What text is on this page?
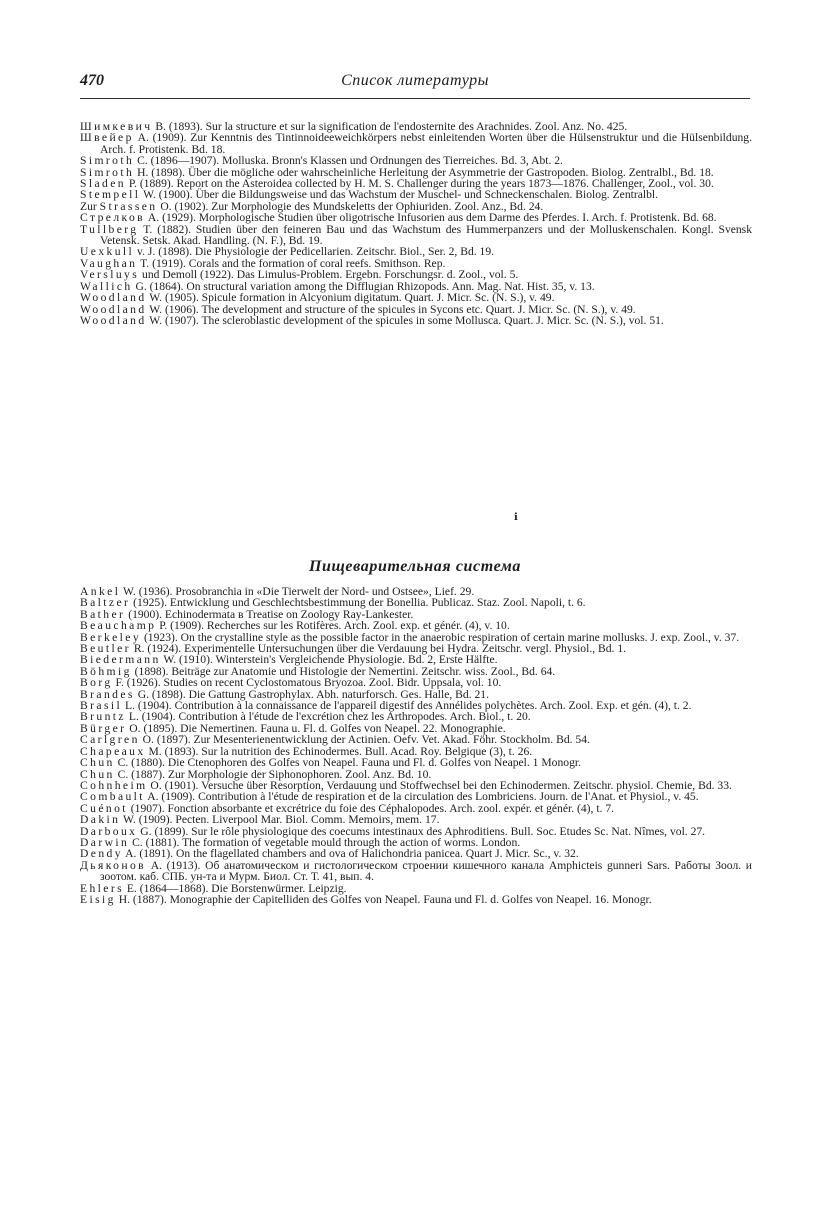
470	Список литературы

Шимкевич В. (1893). Sur la structure et sur la signification de l'endosternite des Arachnides. Zool. Anz. No. 425.

Швейер А. (1909). Zur Kenntnis des Tintinnoideeweichkörpers nebst einleitenden Worten über die Hülsenstruktur und die Hülsenbildung. Arch. f. Protistenk. Bd. 18.

Simroth C. (1896—1907). Molluska. Bronn's Klassen und Ordnungen des Tierreiches. Bd. 3, Abt. 2.

Simroth H. (1898). Über die mögliche oder wahrscheinliche Herleitung der Asymmetrie der Gastropoden. Biolog. Zentralbl., Bd. 18.

Sladen P. (1889). Report on the Asteroidea collected by H. M. S. Challenger during the years 1873—1876. Challenger, Zool., vol. 30.

Stempell W. (1900). Über die Bildungsweise und das Wachstum der Muschel- und Schneckenschalen. Biolog. Zentralbl.

Zur Strassen O. (1902). Zur Morphologie des Mundskeletts der Ophiuriden. Zool. Anz., Bd. 24.

Стрелков А. (1929). Morphologische Studien über oligotrische Infusorien aus dem Darme des Pferdes. I. Arch. f. Protistenk. Bd. 68.

Tullberg T. (1882). Studien über den feineren Bau und das Wachstum des Hummerpanzers und der Molluskenschalen. Kongl. Svensk Vetensk. Setsk. Akad. Handling. (N. F.), Bd. 19.

Uexkull v. J. (1898). Die Physiologie der Pedicellarien. Zeitschr. Biol., Ser. 2, Bd. 19.

Vaughan T. (1919). Corals and the formation of coral reefs. Smithson. Rep.

Versluys und Demoll (1922). Das Limulus-Problem. Ergebn. Forschungsr. d. Zool., vol. 5.

Wallich G. (1864). On structural variation among the Difflugian Rhizopods. Ann. Mag. Nat. Hist. 35, v. 13.

Woodland W. (1905). Spicule formation in Alcyonium digitatum. Quart. J. Micr. Sc. (N. S.), v. 49.

Woodland W. (1906). The development and structure of the spicules in Sycons etc. Quart. J. Micr. Sc. (N. S.), v. 49.

Woodland W. (1907). The scleroblastic development of the spicules in some Mollusca. Quart. J. Micr. Sc. (N. S.), vol. 51.

ℹ
Пищеварительная система

Ankel W. (1936). Prosobranchia in «Die Tierwelt der Nord- und Ostsee», Lief. 29.

Baltzer (1925). Entwicklung und Geschlechtsbestimmung der Bonellia. Publicaz. Staz. Zool. Napoli, t. 6.

Bather (1900). Echinodermata в Treatise on Zoology Ray-Lankester.

Beauchamp P. (1909). Recherches sur les Rotifères. Arch. Zool. exp. et génér. (4), v. 10.

Berkeley (1923). On the crystalline style as the possible factor in the anaerobic respiration of certain marine mollusks. J. exp. Zool., v. 37.

Beutler R. (1924). Experimentelle Untersuchungen über die Verdauung bei Hydra. Zeitschr. vergl. Physiol., Bd. 1.

Biedermann W. (1910). Winterstein's Vergleichende Physiologie. Bd. 2, Erste Hälfte.

Böhmig (1898). Beiträge zur Anatomie und Histologie der Nemertini. Zeitschr. wiss. Zool., Bd. 64.

Borg F. (1926). Studies on recent Cyclostomatous Bryozoa. Zool. Bidr. Uppsala, vol. 10.

Brandes G. (1898). Die Gattung Gastrophylax. Abh. naturforsch. Ges. Halle, Bd. 21.

Brasil L. (1904). Contribution à la connaissance de l'appareil digestif des Annélides polychètes. Arch. Zool. Exp. et gén. (4), t. 2.

Bruntz L. (1904). Contribution à l'étude de l'excrétion chez les Arthropodes. Arch. Biol., t. 20.

Bürger O. (1895). Die Nemertinen. Fauna u. Fl. d. Golfes von Neapel. 22. Monographie.

Carlgren O. (1897). Zur Mesenterienentwicklung der Actinien. Oefv. Vet. Akad. Föhr. Stockholm. Bd. 54.

Chapeaux M. (1893). Sur la nutrition des Echinodermes. Bull. Acad. Roy. Belgique (3), t. 26.

Chun C. (1880). Die Ctenophoren des Golfes von Neapel. Fauna und Fl. d. Golfes von Neapel. 1 Monogr.

Chun C. (1887). Zur Morphologie der Siphonophoren. Zool. Anz. Bd. 10.

Cohnheim O. (1901). Versuche über Resorption, Verdauung und Stoffwechsel bei den Echinodermen. Zeitschr. physiol. Chemie, Bd. 33.

Combault A. (1909). Contribution à l'étude de respiration et de la circulation des Lombriciens. Journ. de l'Anat. et Physiol., v. 45.

Cuénot (1907). Fonction absorbante et excrétrice du foie des Céphalopodes. Arch. zool. expér. et génér. (4), t. 7.

Dakin W. (1909). Pecten. Liverpool Mar. Biol. Comm. Memoirs, mem. 17.

Darboux G. (1899). Sur le rôle physiologique des coecums intestinaux des Aphroditiens. Bull. Soc. Etudes Sc. Nat. Nîmes, vol. 27.

Darwin C. (1881). The formation of vegetable mould through the action of worms. London.

Dendy A. (1891). On the flagellated chambers and ova of Halichondria panicea. Quart J. Micr. Sc., v. 32.

Дьяконов А. (1913). Об анатомическом и гистологическом строении кишечного канала Amphicteis gunneri Sars. Работы Зоол. и зоотом. каб. СПБ. ун-та и Мурм. Биол. Ст. Т. 41, вып. 4.

Ehlers E. (1864—1868). Die Borstenwürmer. Leipzig.

Eisig H. (1887). Monographie der Capitelliden des Golfes von Neapel. Fauna und Fl. d. Golfes von Neapel. 16. Monogr.
